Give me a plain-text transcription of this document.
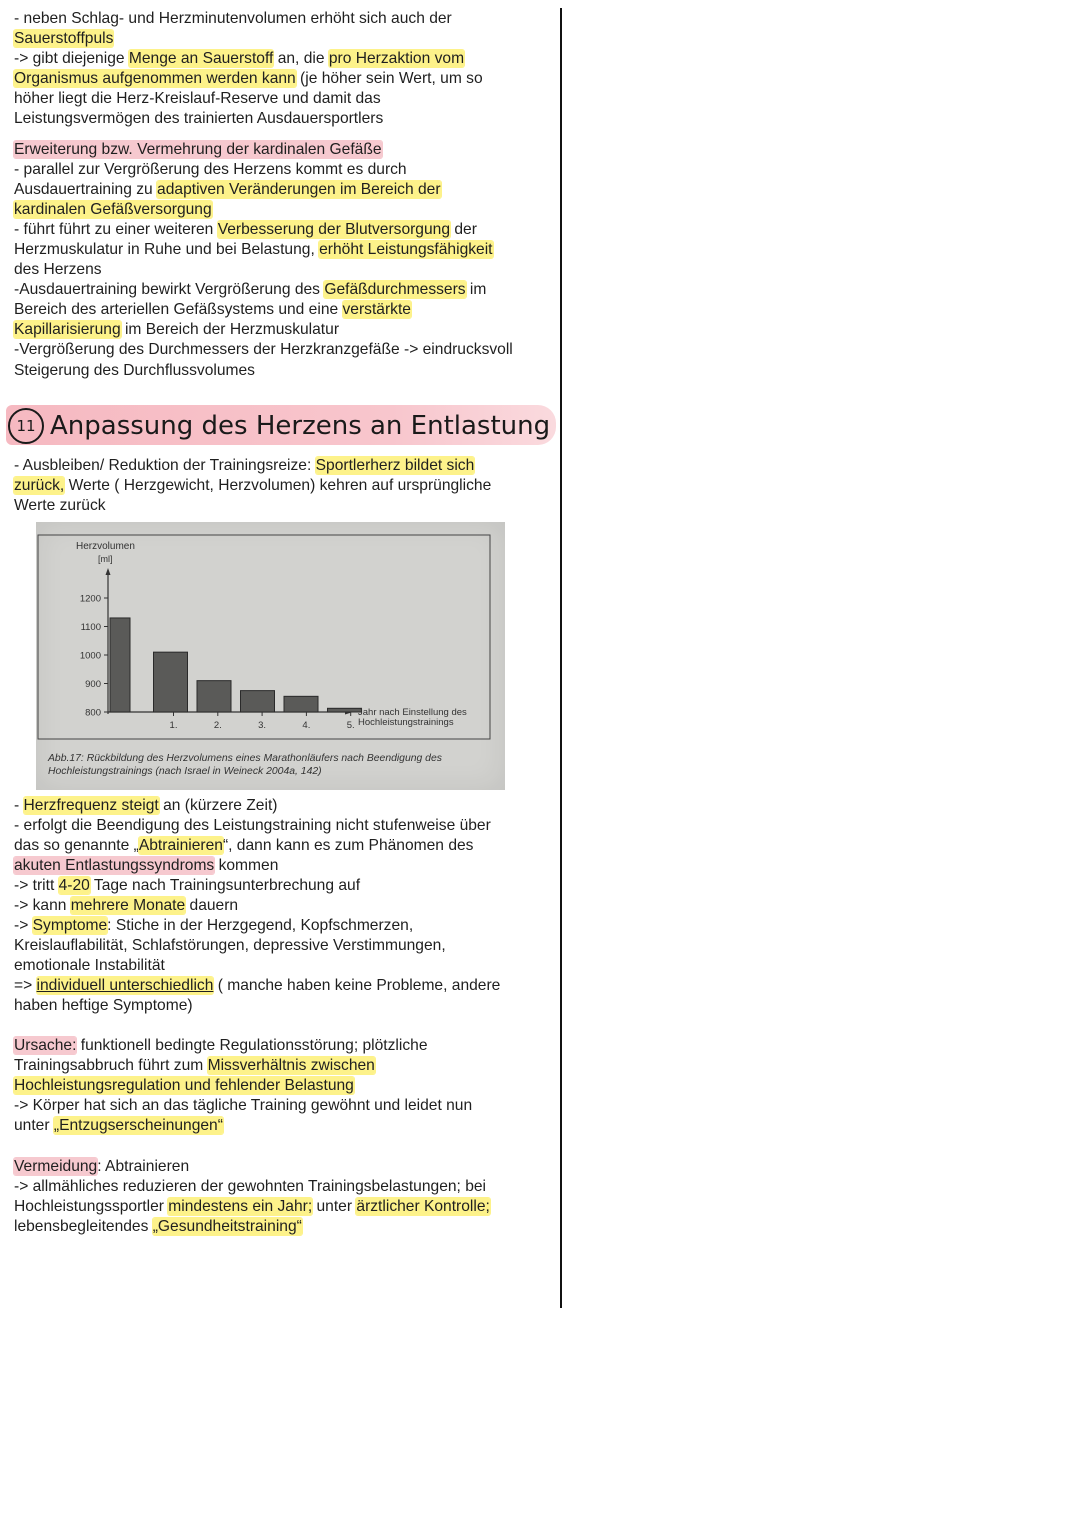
- neben Schlag- und Herzminutenvolumen erhöht sich auch der
Sauerstoffpuls
-> gibt diejenige Menge an Sauerstoff an, die pro Herzaktion vom
Organismus aufgenommen werden kann (je höher sein Wert, um so
höher liegt die Herz-Kreislauf-Reserve und damit das
Leistungsvermögen des trainierten Ausdauersportlers
Erweiterung bzw. Vermehrung der kardinalen Gefäße
- parallel zur Vergrößerung des Herzens kommt es durch
Ausdauertraining zu adaptiven Veränderungen im Bereich der
kardinalen Gefäßversorgung
- führt führt zu einer weiteren Verbesserung der Blutversorgung der
Herzmuskulatur in Ruhe und bei Belastung, erhöht Leistungsfähigkeit
des Herzens
-Ausdauertraining bewirkt Vergrößerung des Gefäßdurchmessers im
Bereich des arteriellen Gefäßsystems und eine verstärkte
Kapillarisierung im Bereich der Herzmuskulatur
-Vergrößerung des Durchmessers der Herzkranzgefäße -> eindrucksvoll
Steigerung des Durchflussvolumes
11 Anpassung des Herzens an Entlastung
- Ausbleiben/ Reduktion der Trainingsreize: Sportlerherz bildet sich
zurück, Werte ( Herzgewicht, Herzvolumen) kehren auf ursprüngliche
Werte zurück
Herzvolumen
[ml]
800
900
1000
1100
1200
1.	2.	3.	4.	5.
Jahr nach Einstellung des
Hochleistungstrainings
Abb.17: Rückbildung des Herzvolumens eines Marathonläufers nach Beendigung des
Hochleistungstrainings (nach Israel in Weineck 2004a, 142)
- Herzfrequenz steigt an (kürzere Zeit)
- erfolgt die Beendigung des Leistungstraining nicht stufenweise über
das so genannte „Abtrainieren“, dann kann es zum Phänomen des
akuten Entlastungssyndroms kommen
-> tritt 4-20 Tage nach Trainingsunterbrechung auf
-> kann mehrere Monate dauern
-> Symptome: Stiche in der Herzgegend, Kopfschmerzen,
Kreislauflabilität, Schlafstörungen, depressive Verstimmungen,
emotionale Instabilität
=> individuell unterschiedlich ( manche haben keine Probleme, andere
haben heftige Symptome)
Ursache: funktionell bedingte Regulationsstörung; plötzliche
Trainingsabbruch führt zum Missverhältnis zwischen
Hochleistungsregulation und fehlender Belastung
-> Körper hat sich an das tägliche Training gewöhnt und leidet nun
unter „Entzugserscheinungen“
Vermeidung: Abtrainieren
-> allmähliches reduzieren der gewohnten Trainingsbelastungen; bei
Hochleistungssportler mindestens ein Jahr; unter ärztlicher Kontrolle;
lebensbegleitendes „Gesundheitstraining“
